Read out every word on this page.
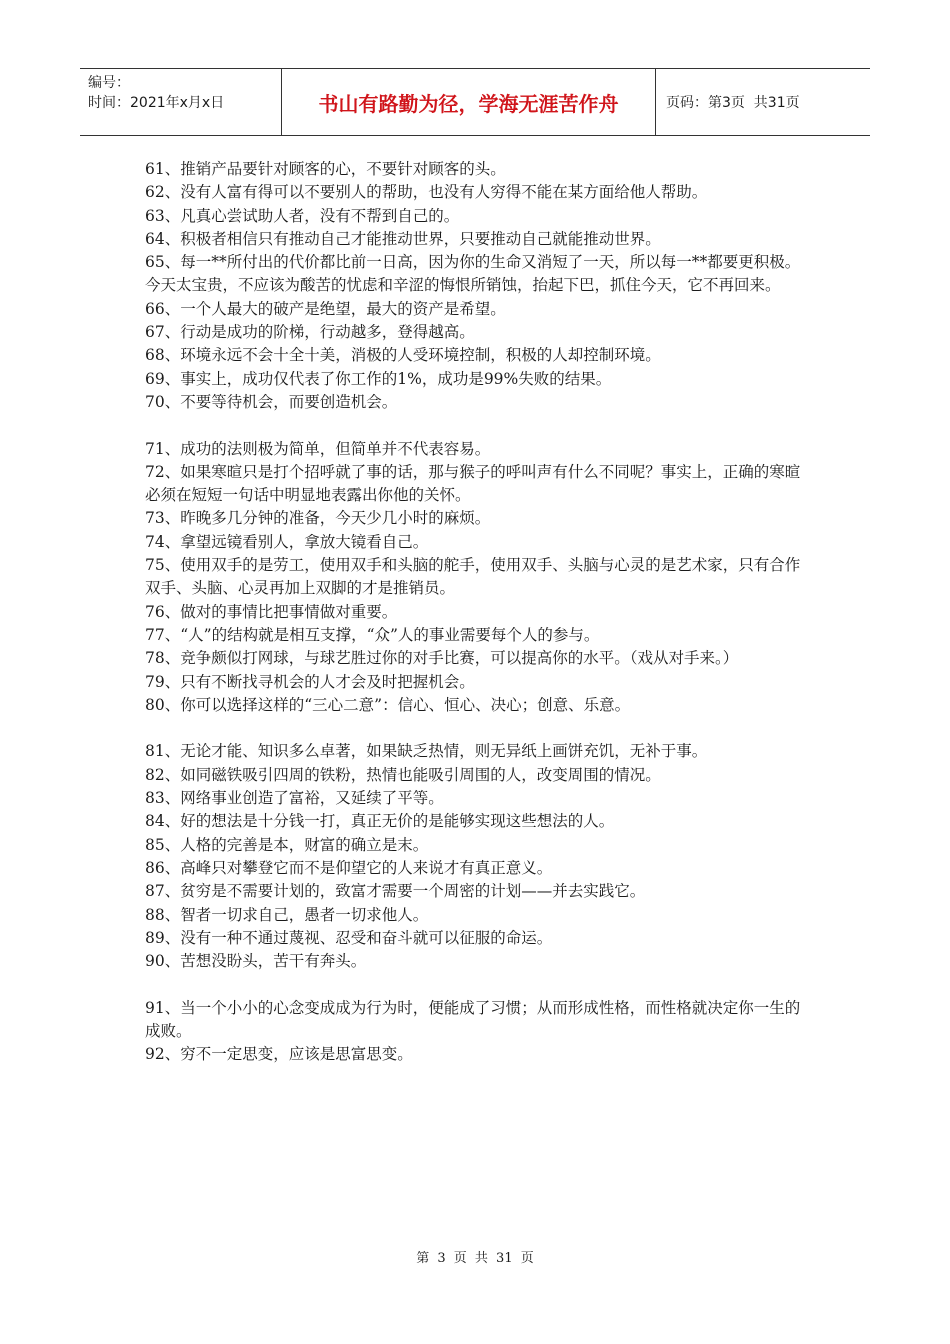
编号：
时间：2021年x月x日	书山有路勤为径，学海无涯苦作舟	页码：第3页  共31页

61、推销产品要针对顾客的心，不要针对顾客的头。

62、没有人富有得可以不要别人的帮助，也没有人穷得不能在某方面给他人帮助。

63、凡真心尝试助人者，没有不帮到自己的。

64、积极者相信只有推动自己才能推动世界，只要推动自己就能推动世界。

65、每一**所付出的代价都比前一日高，因为你的生命又消短了一天，所以每一**都要更积极。今天太宝贵，不应该为酸苦的忧虑和辛涩的悔恨所销蚀，抬起下巴，抓住今天，它不再回来。

66、一个人最大的破产是绝望，最大的资产是希望。

67、行动是成功的阶梯，行动越多，登得越高。

68、环境永远不会十全十美，消极的人受环境控制，积极的人却控制环境。

69、事实上，成功仅代表了你工作的1%，成功是99%失败的结果。

70、不要等待机会，而要创造机会。

71、成功的法则极为简单，但简单并不代表容易。

72、如果寒暄只是打个招呼就了事的话，那与猴子的呼叫声有什么不同呢？事实上，正确的寒暄必须在短短一句话中明显地表露出你他的关怀。

73、昨晚多几分钟的准备，今天少几小时的麻烦。

74、拿望远镜看别人，拿放大镜看自己。

75、使用双手的是劳工，使用双手和头脑的舵手，使用双手、头脑与心灵的是艺术家，只有合作双手、头脑、心灵再加上双脚的才是推销员。

76、做对的事情比把事情做对重要。

77、“人”的结构就是相互支撑，“众”人的事业需要每个人的参与。

78、竞争颇似打网球，与球艺胜过你的对手比赛，可以提高你的水平。（戏从对手来。）

79、只有不断找寻机会的人才会及时把握机会。

80、你可以选择这样的“三心二意”：信心、恒心、决心；创意、乐意。

81、无论才能、知识多么卓著，如果缺乏热情，则无异纸上画饼充饥，无补于事。

82、如同磁铁吸引四周的铁粉，热情也能吸引周围的人，改变周围的情况。

83、网络事业创造了富裕，又延续了平等。

84、好的想法是十分钱一打，真正无价的是能够实现这些想法的人。

85、人格的完善是本，财富的确立是末。

86、高峰只对攀登它而不是仰望它的人来说才有真正意义。

87、贫穷是不需要计划的，致富才需要一个周密的计划——并去实践它。

88、智者一切求自己，愚者一切求他人。

89、没有一种不通过蔑视、忍受和奋斗就可以征服的命运。

90、苦想没盼头，苦干有奔头。

91、当一个小小的心念变成成为行为时，便能成了习惯；从而形成性格，而性格就决定你一生的成败。

92、穷不一定思变，应该是思富思变。

第 3 页 共 31 页
